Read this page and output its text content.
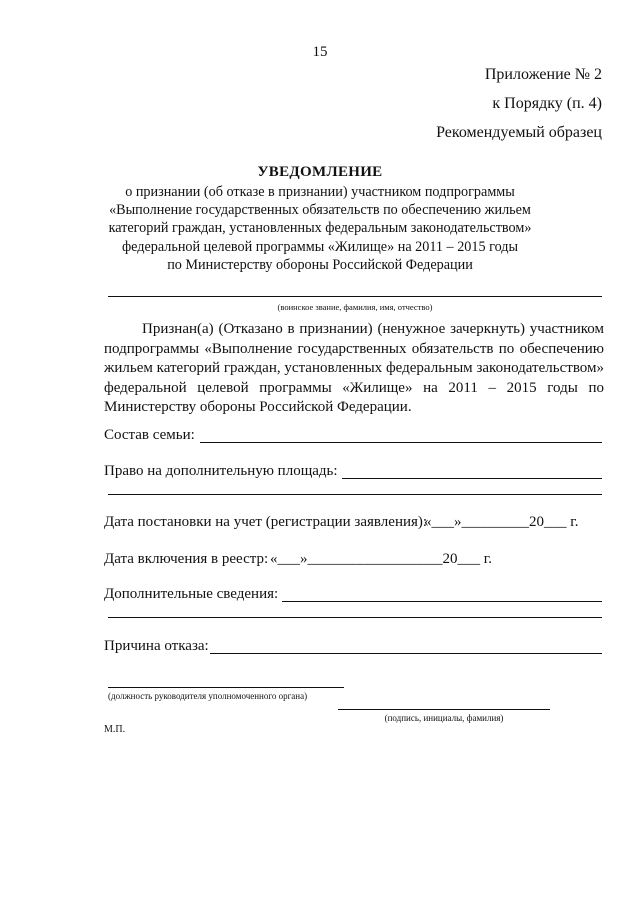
15
Приложение № 2
к Порядку (п. 4)
Рекомендуемый образец
УВЕДОМЛЕНИЕ
о признании (об отказе в признании) участником подпрограммы
«Выполнение государственных обязательств по обеспечению жильем
категорий граждан, установленных федеральным законодательством»
федеральной целевой программы «Жилище» на 2011 – 2015 годы
по Министерству обороны Российской Федерации
(воинское звание, фамилия, имя, отчество)
Признан(а) (Отказано в признании) (ненужное зачеркнуть) участником подпрограммы «Выполнение государственных обязательств по обеспечению жильем категорий граждан, установленных федеральным законодательством» федеральной целевой программы «Жилище» на 2011 – 2015 годы по Министерству обороны Российской Федерации.
Состав семьи:
Право на дополнительную площадь:
Дата постановки на учет (регистрации заявления):
«___»_________20___ г.
Дата включения в реестр: «___»__________________20___ г.
Дополнительные сведения:
Причина отказа:
(должность руководителя уполномоченного органа)
(подпись, инициалы, фамилия)
М.П.
